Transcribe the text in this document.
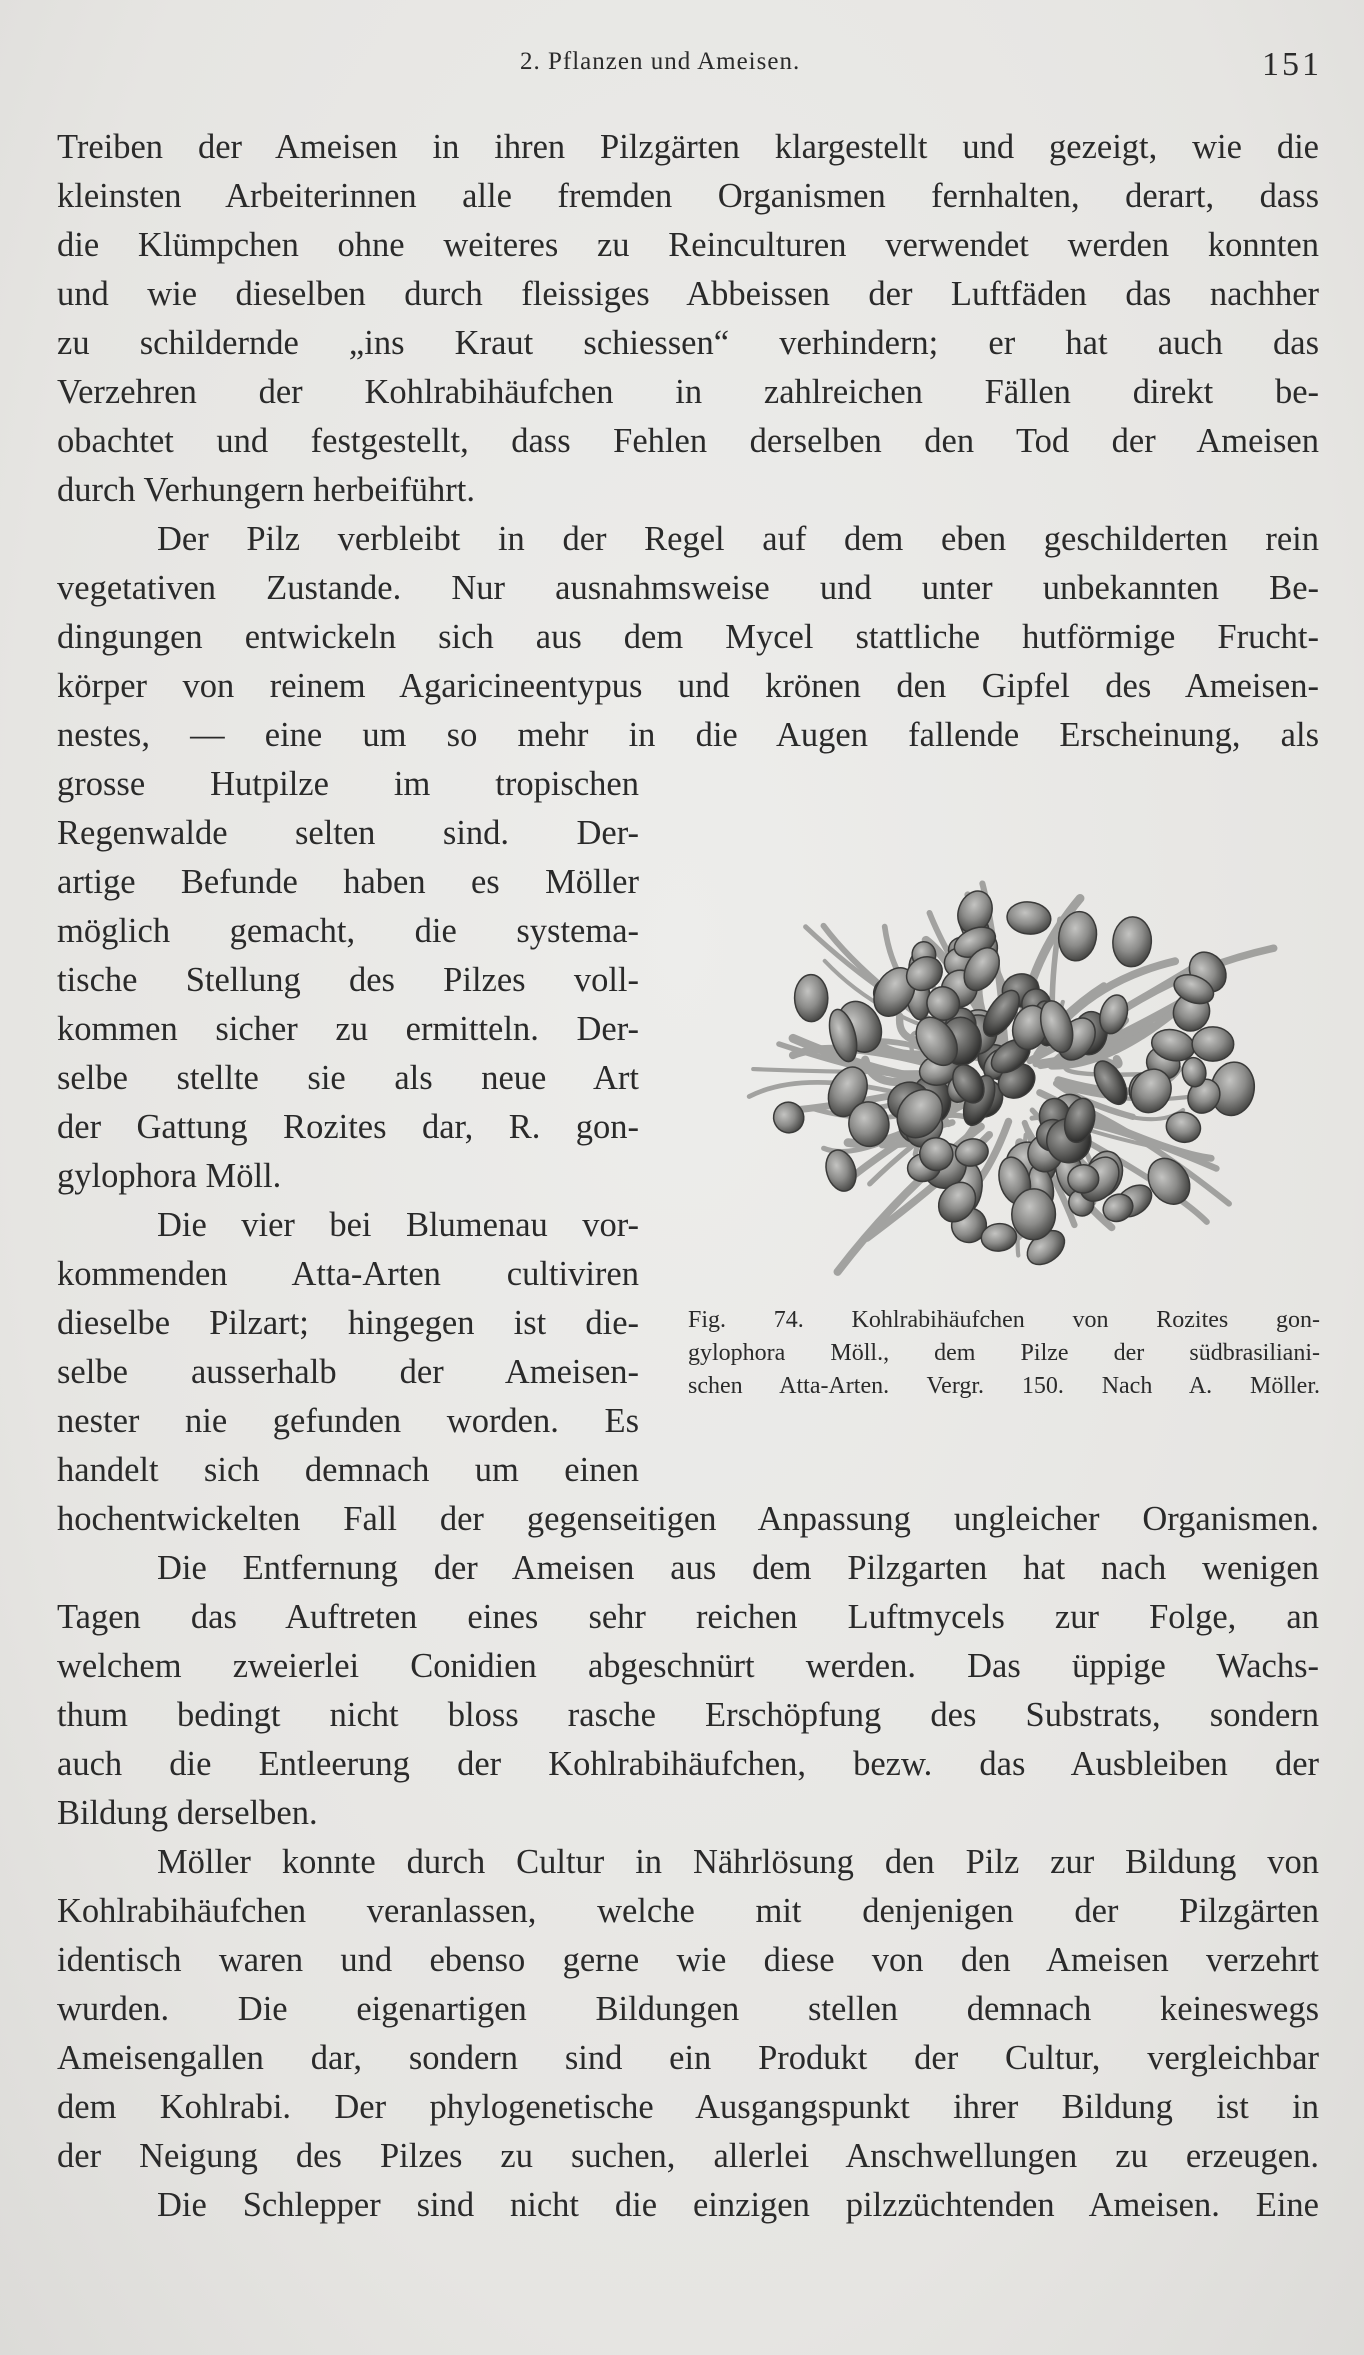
2. Pflanzen und Ameisen.	151
Treiben der Ameisen in ihren Pilzgärten klargestellt und gezeigt, wie die
kleinsten Arbeiterinnen alle fremden Organismen fernhalten, derart, dass
die Klümpchen ohne weiteres zu Reinculturen verwendet werden konnten
und wie dieselben durch fleissiges Abbeissen der Luftfäden das nachher
zu schildernde „ins Kraut schiessen“ verhindern; er hat auch das
Verzehren der Kohlrabihäufchen in zahlreichen Fällen direkt be-
obachtet und festgestellt, dass Fehlen derselben den Tod der Ameisen
durch Verhungern herbeiführt.
Der Pilz verbleibt in der Regel auf dem eben geschilderten rein
vegetativen Zustande. Nur ausnahmsweise und unter unbekannten Be-
dingungen entwickeln sich aus dem Mycel stattliche hutförmige Frucht-
körper von reinem Agaricineentypus und krönen den Gipfel des Ameisen-
nestes, — eine um so mehr in die Augen fallende Erscheinung, als
grosse Hutpilze im tropischen
Regenwalde selten sind. Der-
artige Befunde haben es Möller
möglich gemacht, die systema-
tische Stellung des Pilzes voll-
kommen sicher zu ermitteln. Der-
selbe stellte sie als neue Art
der Gattung Rozites dar, R. gon-
gylophora Möll.
Die vier bei Blumenau vor-
kommenden Atta-Arten cultiviren
dieselbe Pilzart; hingegen ist die-
selbe ausserhalb der Ameisen-
nester nie gefunden worden. Es
handelt sich demnach um einen
hochentwickelten Fall der gegenseitigen Anpassung ungleicher Organismen.
Die Entfernung der Ameisen aus dem Pilzgarten hat nach wenigen
Tagen das Auftreten eines sehr reichen Luftmycels zur Folge, an
welchem zweierlei Conidien abgeschnürt werden. Das üppige Wachs-
thum bedingt nicht bloss rasche Erschöpfung des Substrats, sondern
auch die Entleerung der Kohlrabihäufchen, bezw. das Ausbleiben der
Bildung derselben.
Möller konnte durch Cultur in Nährlösung den Pilz zur Bildung von
Kohlrabihäufchen veranlassen, welche mit denjenigen der Pilzgärten
identisch waren und ebenso gerne wie diese von den Ameisen verzehrt
wurden. Die eigenartigen Bildungen stellen demnach keineswegs
Ameisengallen dar, sondern sind ein Produkt der Cultur, vergleichbar
dem Kohlrabi. Der phylogenetische Ausgangspunkt ihrer Bildung ist in
der Neigung des Pilzes zu suchen, allerlei Anschwellungen zu erzeugen.
Die Schlepper sind nicht die einzigen pilzzüchtenden Ameisen. Eine
Fig. 74. Kohlrabihäufchen von Rozites gon-
gylophora Möll., dem Pilze der südbrasiliani-
schen Atta-Arten. Vergr. 150. Nach A. Möller.
